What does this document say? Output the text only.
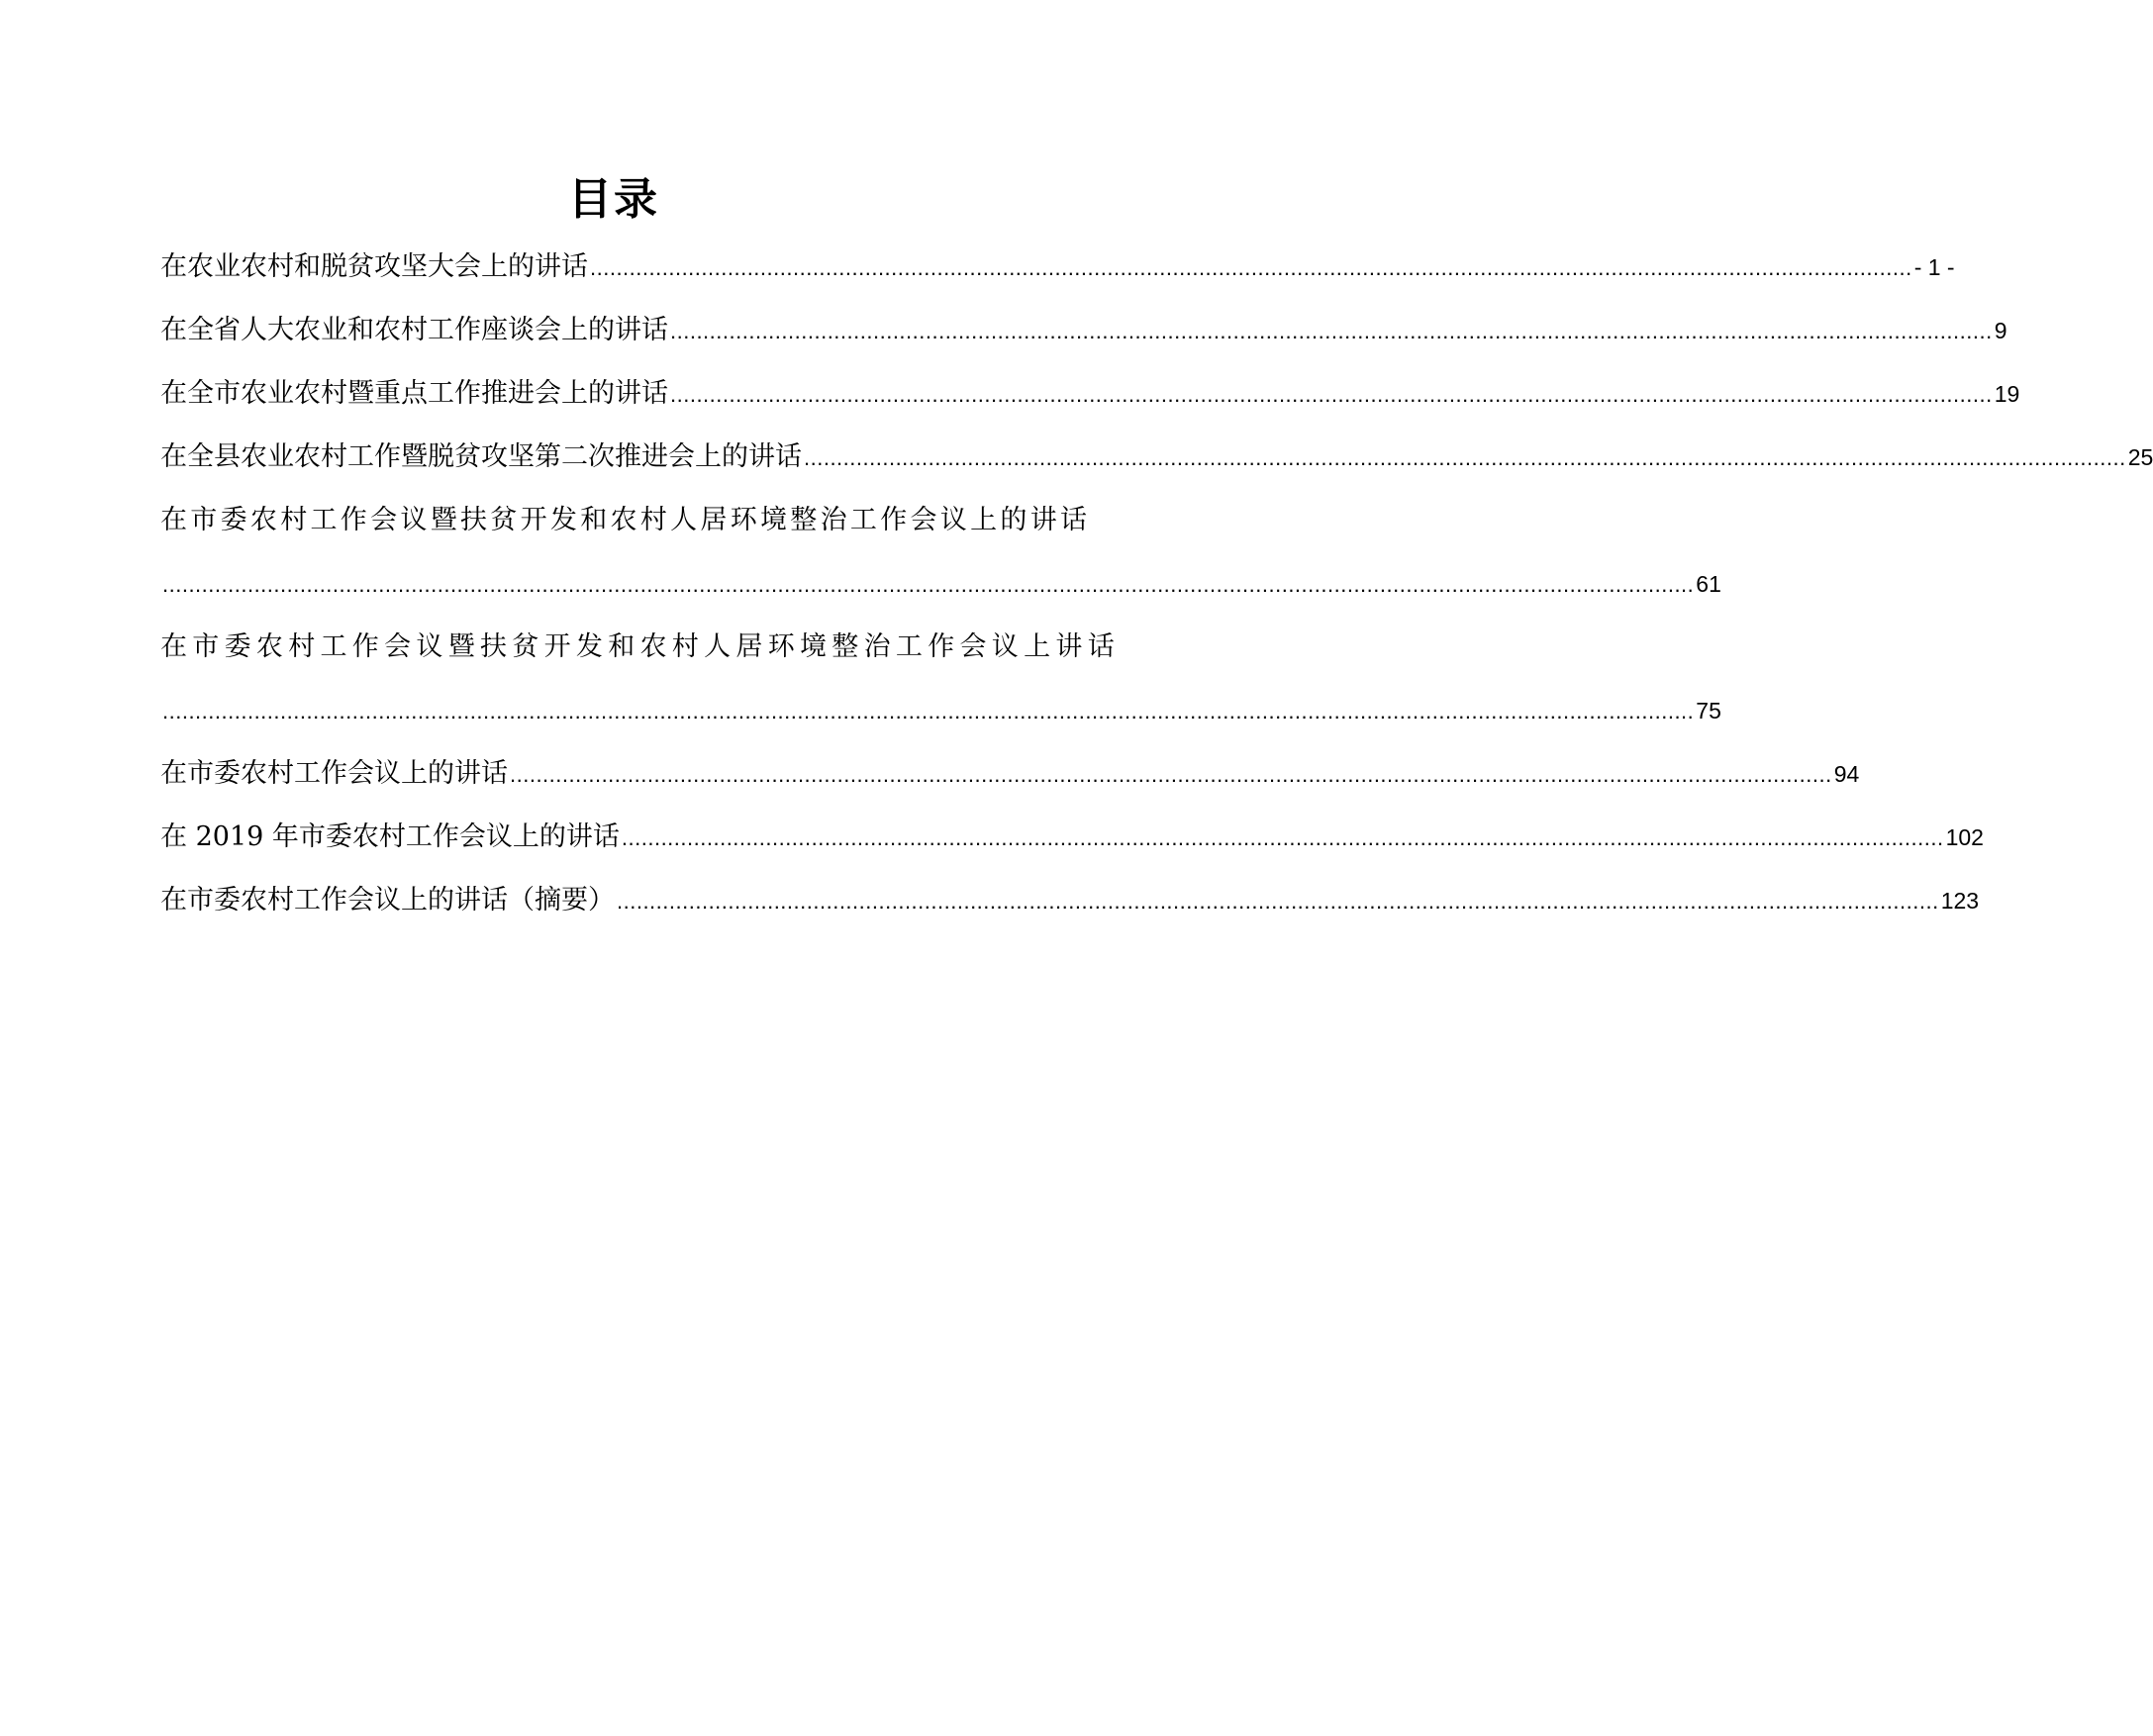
目录
在农业农村和脱贫攻坚大会上的讲话 .......................................................................................................................................................................................................... - 1 -
在全省人大农业和农村工作座谈会上的讲话 .......................................................................................................................................................................................................... 9
在全市农业农村暨重点工作推进会上的讲话 .......................................................................................................................................................................................................... 19
在全县农业农村工作暨脱贫攻坚第二次推进会上的讲话 .......................................................................................................................................................................................................... 25
在市委农村工作会议暨扶贫开发和农村人居环境整治工作会议上的讲话
.......................................................................................................................................................................................................................................... 61
在市委农村工作会议暨扶贫开发和农村人居环境整治工作会议上讲话
.......................................................................................................................................................................................................................................... 75
在市委农村工作会议上的讲话 .......................................................................................................................................................................................................... 94
在 2019 年市委农村工作会议上的讲话 .......................................................................................................................................................................................................... 102
在市委农村工作会议上的讲话（摘要） .......................................................................................................................................................................................................... 123
